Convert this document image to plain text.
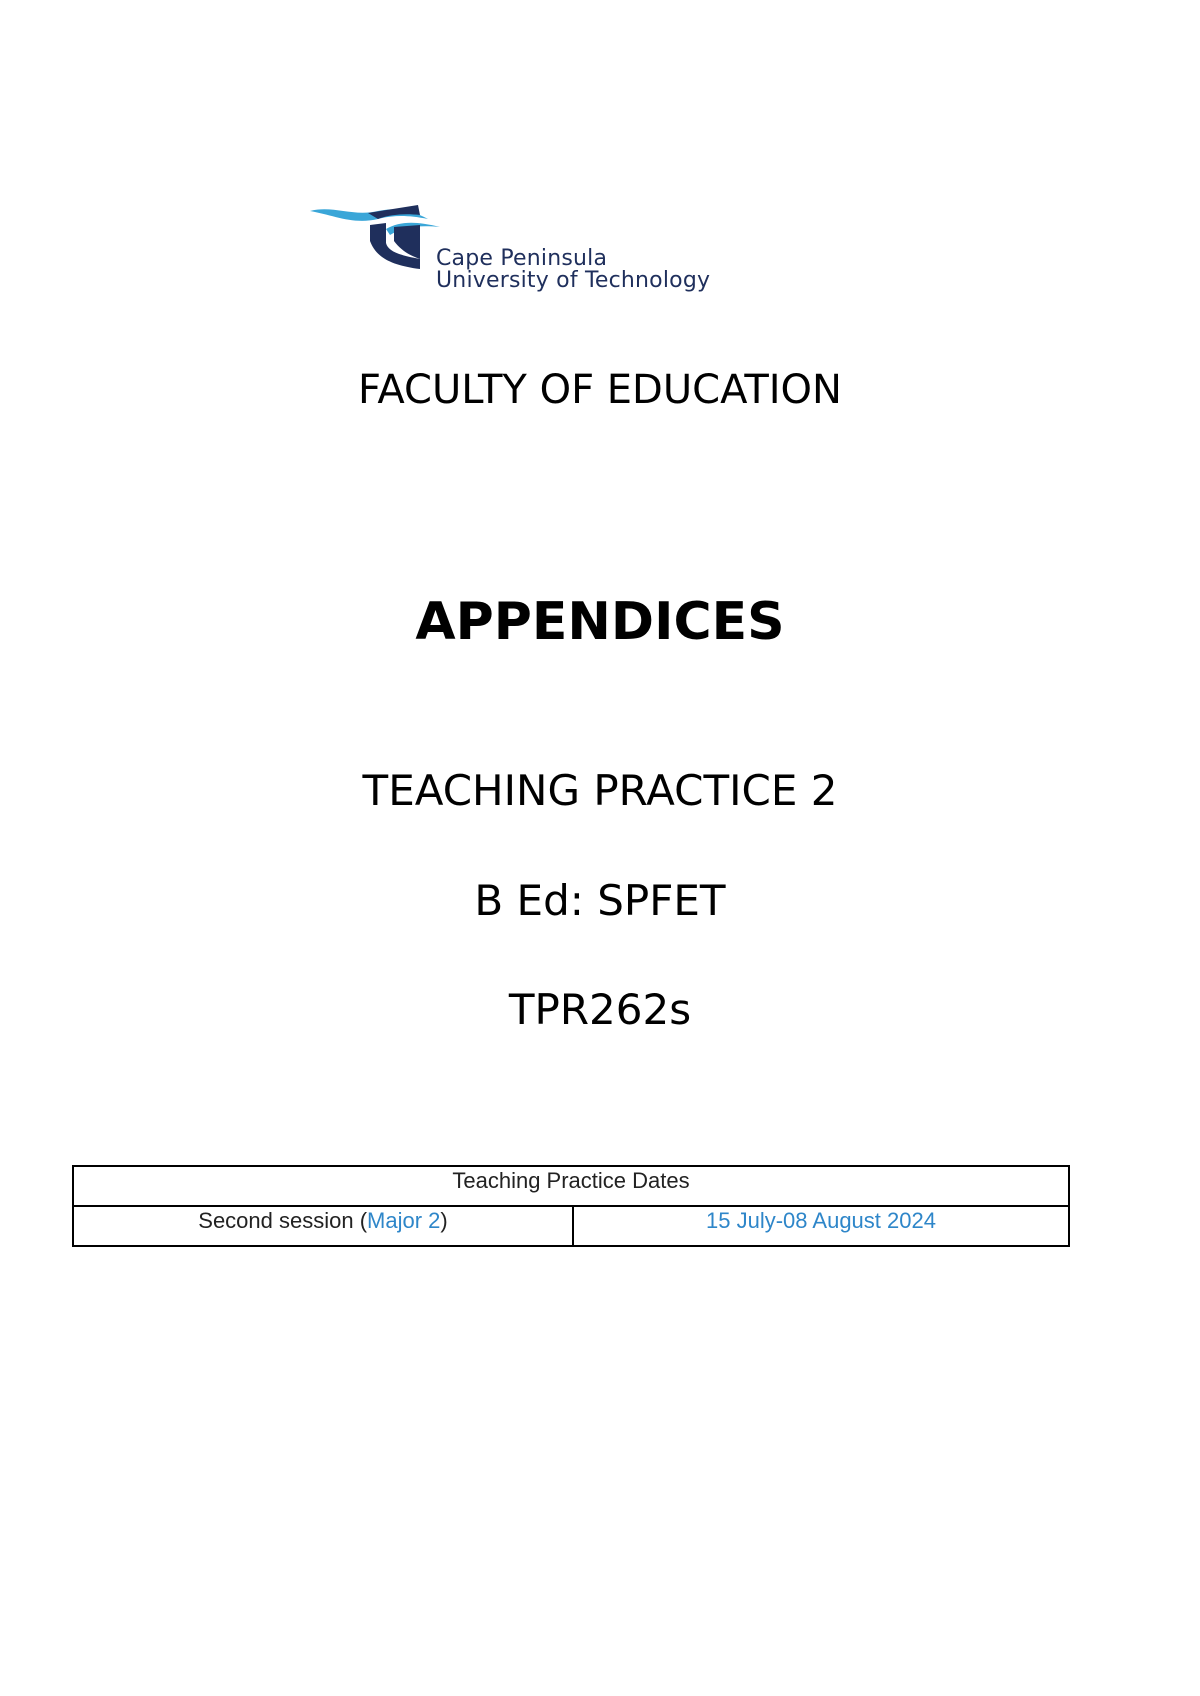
Cape Peninsula
University of Technology
FACULTY OF EDUCATION
APPENDICES
TEACHING PRACTICE 2
B Ed: SPFET
TPR262s
Teaching Practice Dates
Second session (Major 2)	15 July-08 August 2024
